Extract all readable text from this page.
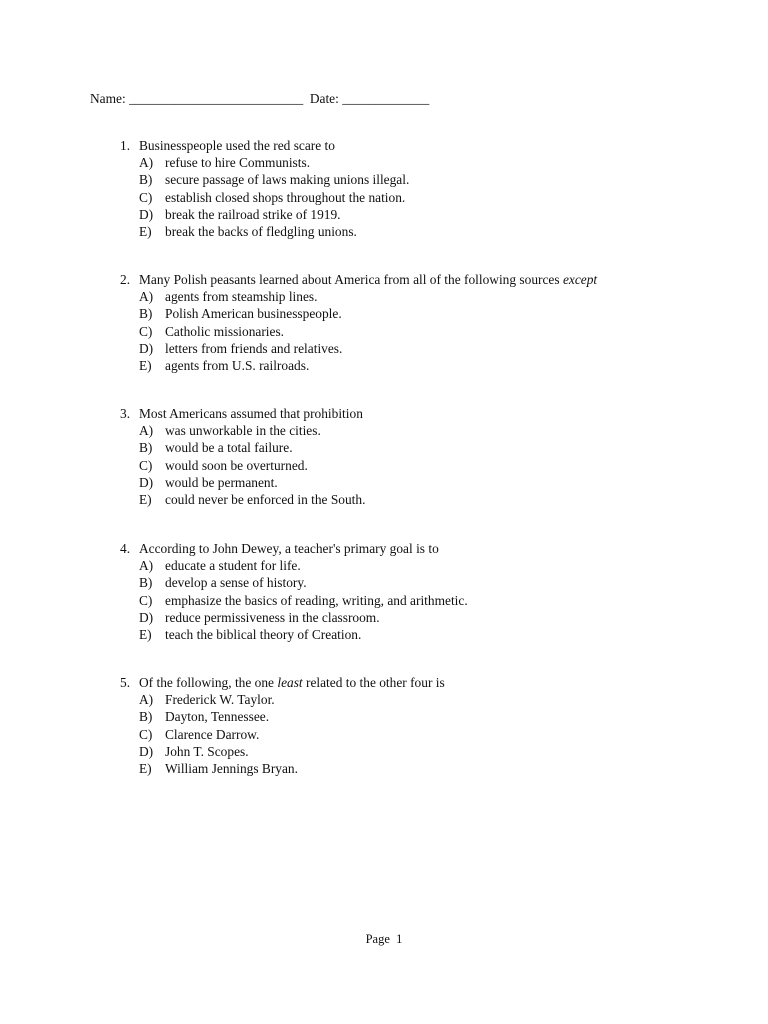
Name: __________________________ Date: _____________
1. Businesspeople used the red scare to
A) refuse to hire Communists.
B) secure passage of laws making unions illegal.
C) establish closed shops throughout the nation.
D) break the railroad strike of 1919.
E) break the backs of fledgling unions.
2. Many Polish peasants learned about America from all of the following sources except
A) agents from steamship lines.
B) Polish American businesspeople.
C) Catholic missionaries.
D) letters from friends and relatives.
E) agents from U.S. railroads.
3. Most Americans assumed that prohibition
A) was unworkable in the cities.
B) would be a total failure.
C) would soon be overturned.
D) would be permanent.
E) could never be enforced in the South.
4. According to John Dewey, a teacher's primary goal is to
A) educate a student for life.
B) develop a sense of history.
C) emphasize the basics of reading, writing, and arithmetic.
D) reduce permissiveness in the classroom.
E) teach the biblical theory of Creation.
5. Of the following, the one least related to the other four is
A) Frederick W. Taylor.
B) Dayton, Tennessee.
C) Clarence Darrow.
D) John T. Scopes.
E) William Jennings Bryan.
Page 1
